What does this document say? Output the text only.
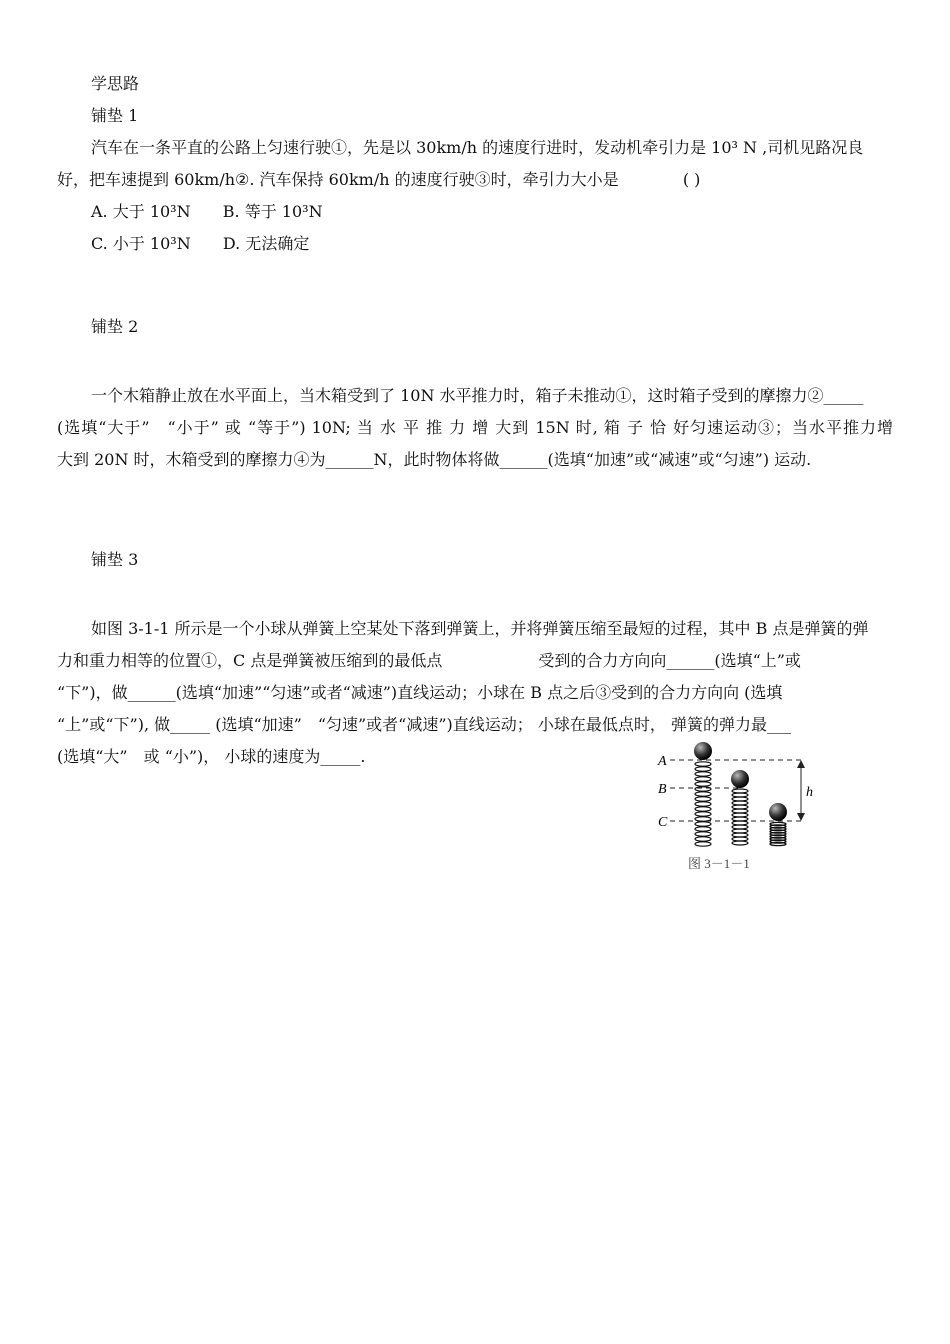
学思路
铺垫 1
汽车在一条平直的公路上匀速行驶①，先是以 30km/h 的速度行进时，发动机牵引力是 10³ N ,司机见路况良
好，把车速提到 60km/h②. 汽车保持 60km/h 的速度行驶③时，牵引力大小是	( )
A. 大于 10³N B. 等于 10³N
C. 小于 10³N D. 无法确定
铺垫 2
一个木箱静止放在水平面上，当木箱受到了 10N 水平推力时，箱子未推动①，这时箱子受到的摩擦力②_____
(选填“大于”　“小于” 或 “等于”) 10N; 当 水 平 推 力 增 大到 15N 时, 箱 子 恰 好匀速运动③；当水平推力增
大到 20N 时，木箱受到的摩擦力④为______N，此时物体将做______(选填“加速”或“减速”或“匀速”) 运动.
铺垫 3
如图 3-1-1 所示是一个小球从弹簧上空某处下落到弹簧上，并将弹簧压缩至最短的过程，其中 B 点是弹簧的弹
力和重力相等的位置①，C 点是弹簧被压缩到的最低点　　　　　　受到的合力方向向______(选填“上”或
“下”)，做______(选填“加速”“匀速”或者“减速”)直线运动；小球在 B 点之后③受到的合力方向向 (选填
“上”或“下”), 做_____ (选填“加速”　“匀速”或者“减速”)直线运动； 小球在最低点时， 弹簧的弹力最___
(选填“大”　或 “小”)， 小球的速度为_____.	A
B
C
h
图 3－1－1
